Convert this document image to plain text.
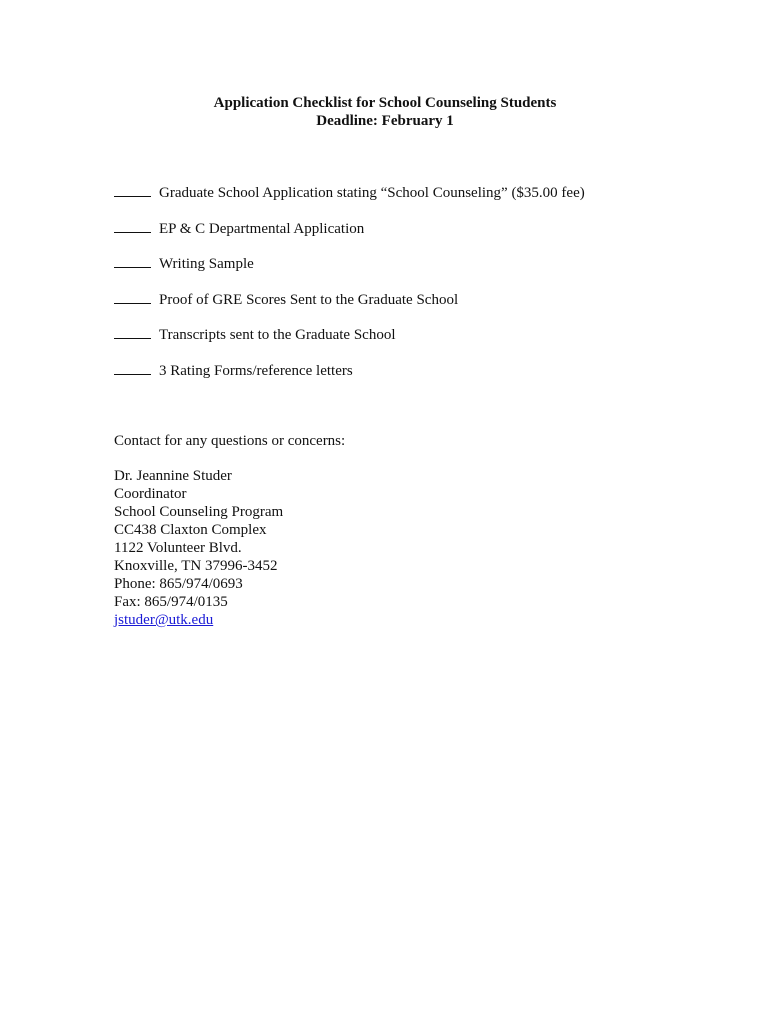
Application Checklist for School Counseling Students
Deadline: February 1
Graduate School Application stating “School Counseling” ($35.00 fee)
EP & C Departmental Application
Writing Sample
Proof of GRE Scores Sent to the Graduate School
Transcripts sent to the Graduate School
3 Rating Forms/reference letters
Contact for any questions or concerns:
Dr. Jeannine Studer
Coordinator
School Counseling Program
CC438 Claxton Complex
1122 Volunteer Blvd.
Knoxville, TN 37996-3452
Phone: 865/974/0693
Fax: 865/974/0135
jstuder@utk.edu
